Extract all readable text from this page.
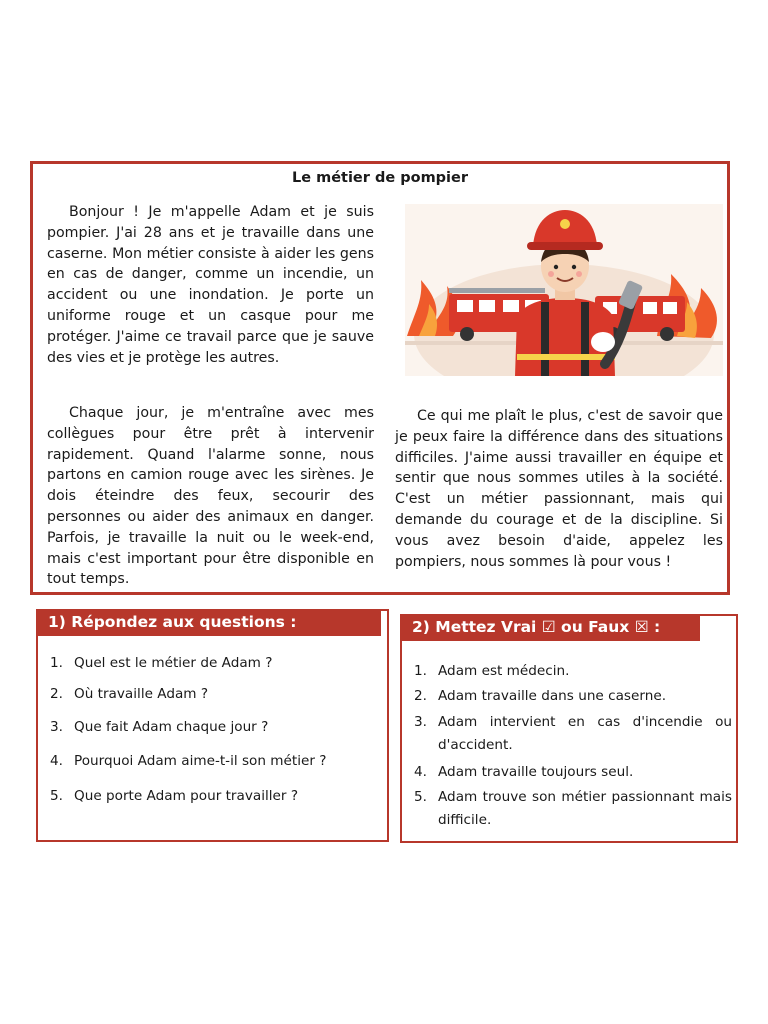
Le métier de pompier

Bonjour ! Je m'appelle Adam et je suis pompier. J'ai 28 ans et je travaille dans une caserne. Mon métier consiste à aider les gens en cas de danger, comme un incendie, un accident ou une inondation. Je porte un uniforme rouge et un casque pour me protéger. J'aime ce travail parce que je sauve des vies et je protège les autres.

Chaque jour, je m'entraîne avec mes collègues pour être prêt à intervenir rapidement. Quand l'alarme sonne, nous partons en camion rouge avec les sirènes. Je dois éteindre des feux, secourir des personnes ou aider des animaux en danger. Parfois, je travaille la nuit ou le week-end, mais c'est important pour être disponible en tout temps.

Ce qui me plaît le plus, c'est de savoir que je peux faire la différence dans des situations difficiles. J'aime aussi travailler en équipe et sentir que nous sommes utiles à la société. C'est un métier passionnant, mais qui demande du courage et de la discipline. Si vous avez besoin d'aide, appelez les pompiers, nous sommes là pour vous !

1) Répondez aux questions :
1. Quel est le métier de Adam ?
2. Où travaille Adam ?
3. Que fait Adam chaque jour ?
4. Pourquoi Adam aime-t-il son métier ?
5. Que porte Adam pour travailler ?
2) Mettez Vrai ☑ ou Faux ☒ :
1. Adam est médecin.
2. Adam travaille dans une caserne.
3. Adam intervient en cas d'incendie ou d'accident.
4. Adam travaille toujours seul.
5. Adam trouve son métier passionnant mais difficile.
